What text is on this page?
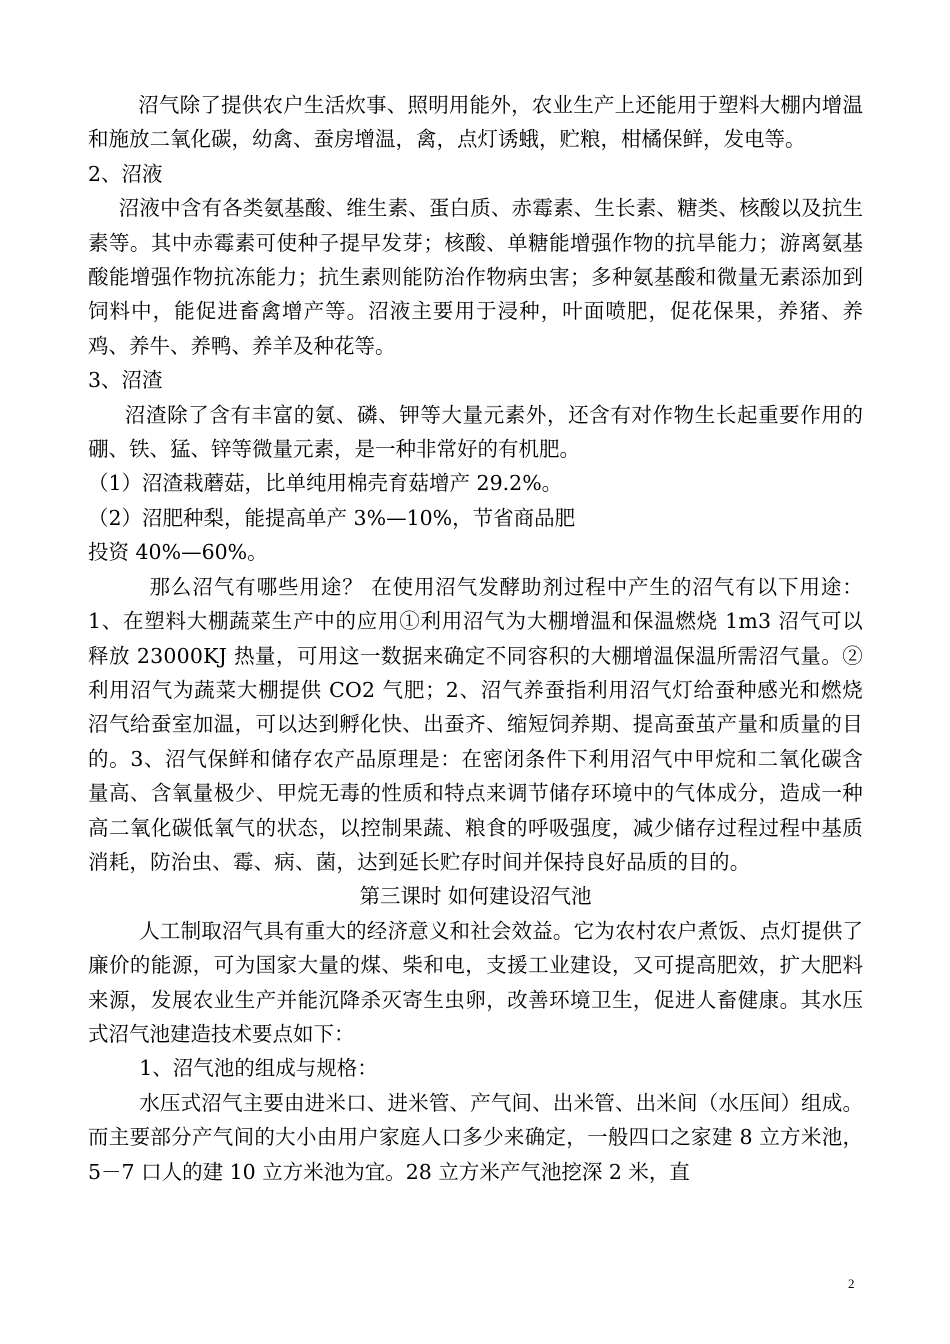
沼气除了提供农户生活炊事、照明用能外，农业生产上还能用于塑料大棚内增温和施放二氧化碳，幼禽、蚕房增温，禽，点灯诱蛾，贮粮，柑橘保鲜，发电等。

2、沼液

沼液中含有各类氨基酸、维生素、蛋白质、赤霉素、生长素、糖类、核酸以及抗生素等。其中赤霉素可使种子提早发芽；核酸、单糖能增强作物的抗旱能力；游离氨基酸能增强作物抗冻能力；抗生素则能防治作物病虫害；多种氨基酸和微量无素添加到饲料中，能促进畜禽增产等。沼液主要用于浸种，叶面喷肥，促花保果，养猪、养鸡、养牛、养鸭、养羊及种花等。

3、沼渣

沼渣除了含有丰富的氨、磷、钾等大量元素外，还含有对作物生长起重要作用的硼、铁、猛、锌等微量元素，是一种非常好的有机肥。

（1）沼渣栽蘑菇，比单纯用棉壳育菇增产 29.2%。

（2）沼肥种梨，能提高单产 3%—10%，节省商品肥

投资 40%—60%。

那么沼气有哪些用途？ 在使用沼气发酵助剂过程中产生的沼气有以下用途：1、在塑料大棚蔬菜生产中的应用①利用沼气为大棚增温和保温燃烧 1m3 沼气可以释放 23000KJ 热量，可用这一数据来确定不同容积的大棚增温保温所需沼气量。②利用沼气为蔬菜大棚提供 CO2 气肥；2、沼气养蚕指利用沼气灯给蚕种感光和燃烧沼气给蚕室加温，可以达到孵化快、出蚕齐、缩短饲养期、提高蚕茧产量和质量的目的。3、沼气保鲜和储存农产品原理是：在密闭条件下利用沼气中甲烷和二氧化碳含量高、含氧量极少、甲烷无毒的性质和特点来调节储存环境中的气体成分，造成一种高二氧化碳低氧气的状态，以控制果蔬、粮食的呼吸强度，减少储存过程过程中基质消耗，防治虫、霉、病、菌，达到延长贮存时间并保持良好品质的目的。

第三课时 如何建设沼气池

人工制取沼气具有重大的经济意义和社会效益。它为农村农户煮饭、点灯提供了廉价的能源，可为国家大量的煤、柴和电，支援工业建设，又可提高肥效，扩大肥料来源，发展农业生产并能沉降杀灭寄生虫卵，改善环境卫生，促进人畜健康。其水压式沼气池建造技术要点如下：

1、沼气池的组成与规格：

水压式沼气主要由进米口、进米管、产气间、出米管、出米间（水压间）组成。而主要部分产气间的大小由用户家庭人口多少来确定，一般四口之家建 8 立方米池，5－7 口人的建 10 立方米池为宜。28 立方米产气池挖深 2 米，直

2
